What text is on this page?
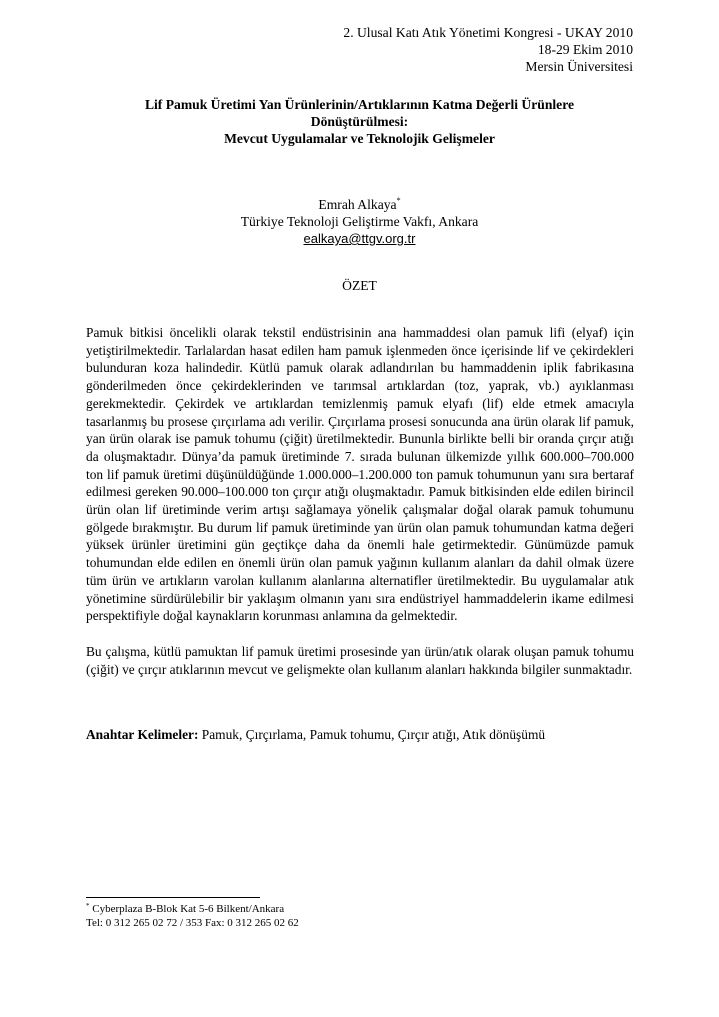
2. Ulusal Katı Atık Yönetimi Kongresi - UKAY 2010
18-29 Ekim 2010
Mersin Üniversitesi
Lif Pamuk Üretimi Yan Ürünlerinin/Artıklarının Katma Değerli Ürünlere
Dönüştürülmesi:
Mevcut Uygulamalar ve Teknolojik Gelişmeler
Emrah Alkaya*
Türkiye Teknoloji Geliştirme Vakfı, Ankara
ealkaya@ttgv.org.tr
ÖZET

Pamuk bitkisi öncelikli olarak tekstil endüstrisinin ana hammaddesi olan pamuk lifi (elyaf) için yetiştirilmektedir. Tarlalardan hasat edilen ham pamuk işlenmeden önce içerisinde lif ve çekirdekleri bulunduran koza halindedir. Kütlü pamuk olarak adlandırılan bu hammaddenin iplik fabrikasına gönderilmeden önce çekirdeklerinden ve tarımsal artıklardan (toz, yaprak, vb.) ayıklanması gerekmektedir. Çekirdek ve artıklardan temizlenmiş pamuk elyafı (lif) elde etmek amacıyla tasarlanmış bu prosese çırçırlama adı verilir. Çırçırlama prosesi sonucunda ana ürün olarak lif pamuk, yan ürün olarak ise pamuk tohumu (çiğit) üretilmektedir. Bununla birlikte belli bir oranda çırçır atığı da oluşmaktadır. Dünya’da pamuk üretiminde 7. sırada bulunan ülkemizde yıllık 600.000–700.000 ton lif pamuk üretimi düşünüldüğünde 1.000.000–1.200.000 ton pamuk tohumunun yanı sıra bertaraf edilmesi gereken 90.000–100.000 ton çırçır atığı oluşmaktadır. Pamuk bitkisinden elde edilen birincil ürün olan lif üretiminde verim artışı sağlamaya yönelik çalışmalar doğal olarak pamuk tohumunu gölgede bırakmıştır. Bu durum lif pamuk üretiminde yan ürün olan pamuk tohumundan katma değeri yüksek ürünler üretimini gün geçtikçe daha da önemli hale getirmektedir. Günümüzde pamuk tohumundan elde edilen en önemli ürün olan pamuk yağının kullanım alanları da dahil olmak üzere tüm ürün ve artıkların varolan kullanım alanlarına alternatifler üretilmektedir. Bu uygulamalar atık yönetimine sürdürülebilir bir yaklaşım olmanın yanı sıra endüstriyel hammaddelerin ikame edilmesi perspektifiyle doğal kaynakların korunması anlamına da gelmektedir.

Bu çalışma, kütlü pamuktan lif pamuk üretimi prosesinde yan ürün/atık olarak oluşan pamuk tohumu (çiğit) ve çırçır atıklarının mevcut ve gelişmekte olan kullanım alanları hakkında bilgiler sunmaktadır.

Anahtar Kelimeler: Pamuk, Çırçırlama, Pamuk tohumu, Çırçır atığı, Atık dönüşümü
* Cyberplaza B-Blok Kat 5-6 Bilkent/Ankara
Tel: 0 312 265 02 72 / 353 Fax: 0 312 265 02 62
